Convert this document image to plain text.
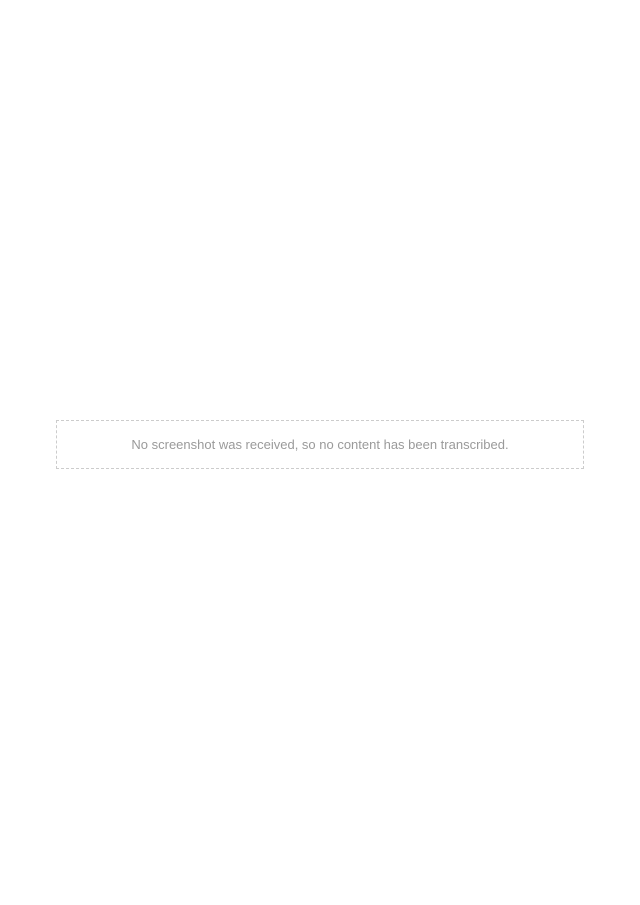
No screenshot was received, so no content has been transcribed.
